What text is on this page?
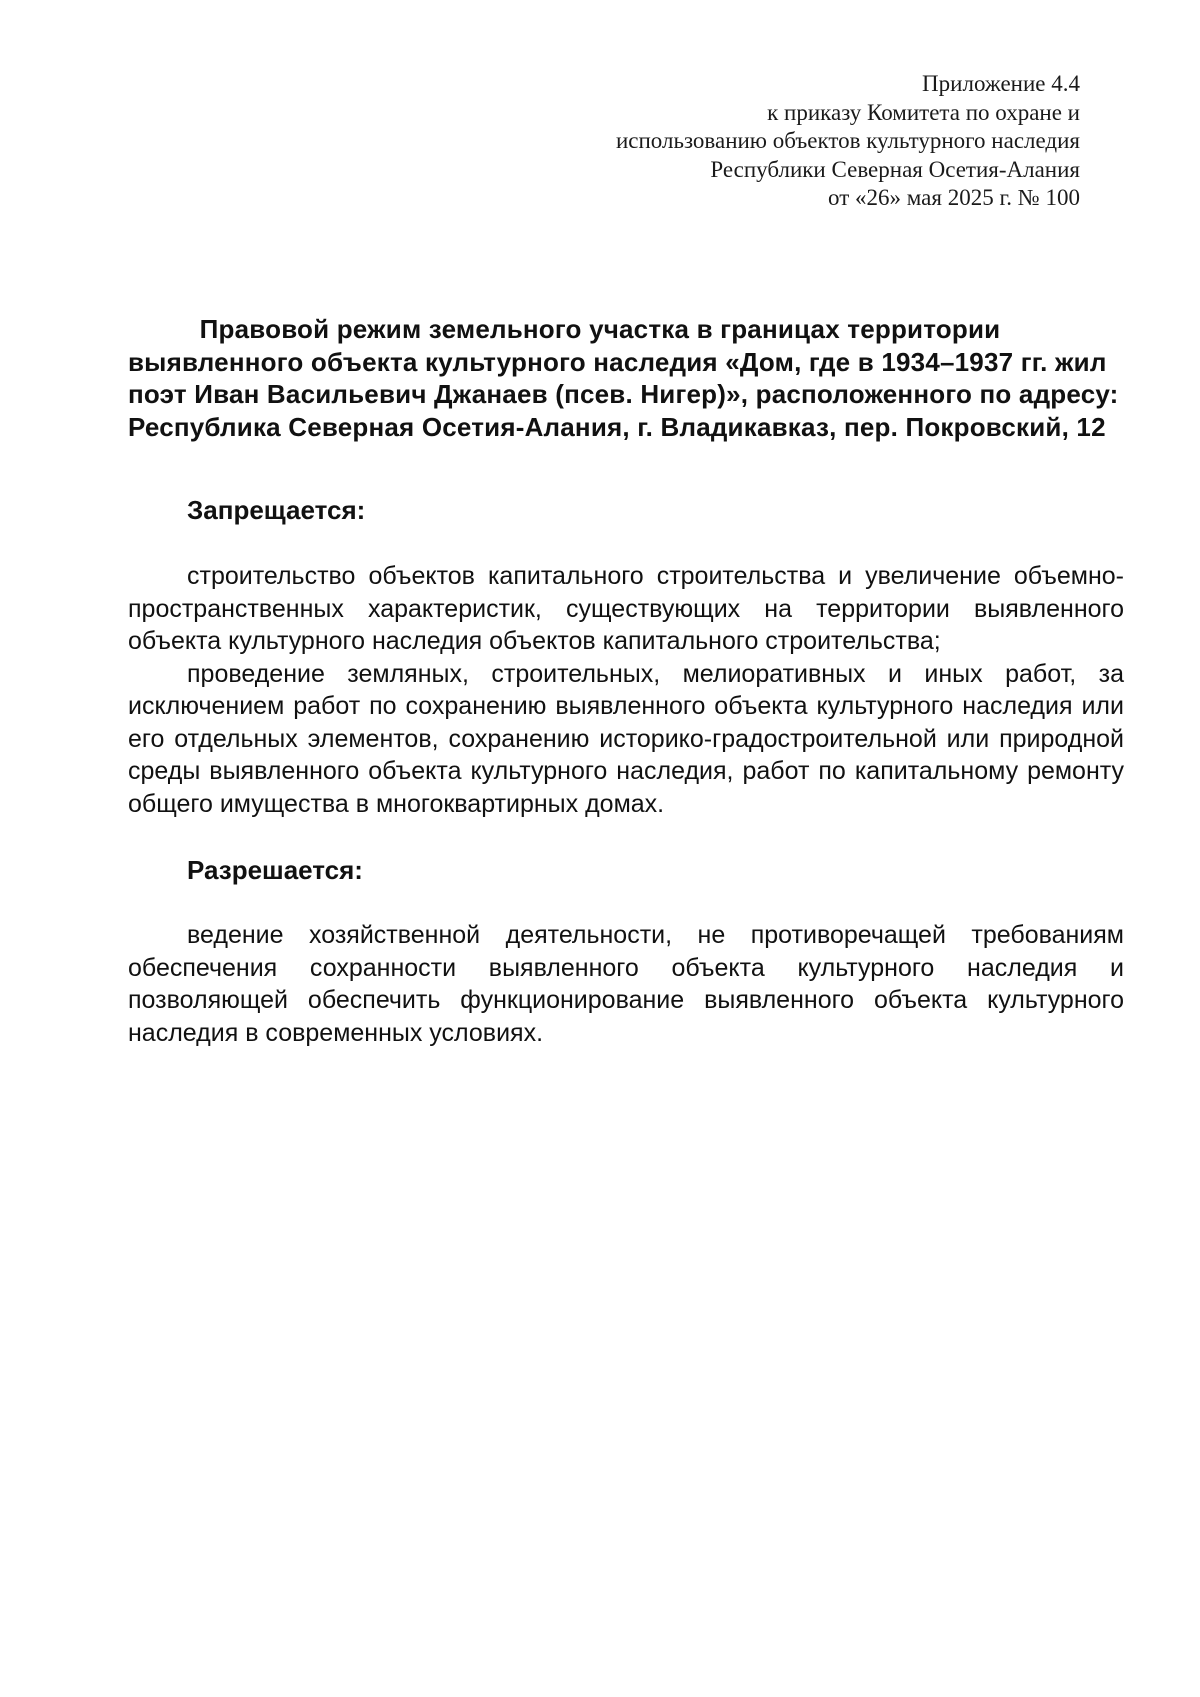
Приложение 4.4
к приказу Комитета по охране и
использованию объектов культурного наследия
Республики Северная Осетия-Алания
от «26» мая 2025 г. № 100
Правовой режим земельного участка в границах территории
выявленного объекта культурного наследия «Дом, где в 1934–1937 гг. жил
поэт Иван Васильевич Джанаев (псев. Нигер)», расположенного по адресу:
Республика Северная Осетия-Алания, г. Владикавказ, пер. Покровский, 12
Запрещается:

строительство объектов капитального строительства и увеличение объемно-пространственных характеристик, существующих на территории выявленного объекта культурного наследия объектов капитального строительства;

проведение земляных, строительных, мелиоративных и иных работ, за исключением работ по сохранению выявленного объекта культурного наследия или его отдельных элементов, сохранению историко-градостроительной или природной среды выявленного объекта культурного наследия, работ по капитальному ремонту общего имущества в многоквартирных домах.

Разрешается:

ведение хозяйственной деятельности, не противоречащей требованиям обеспечения сохранности выявленного объекта культурного наследия и позволяющей обеспечить функционирование выявленного объекта культурного наследия в современных условиях.
